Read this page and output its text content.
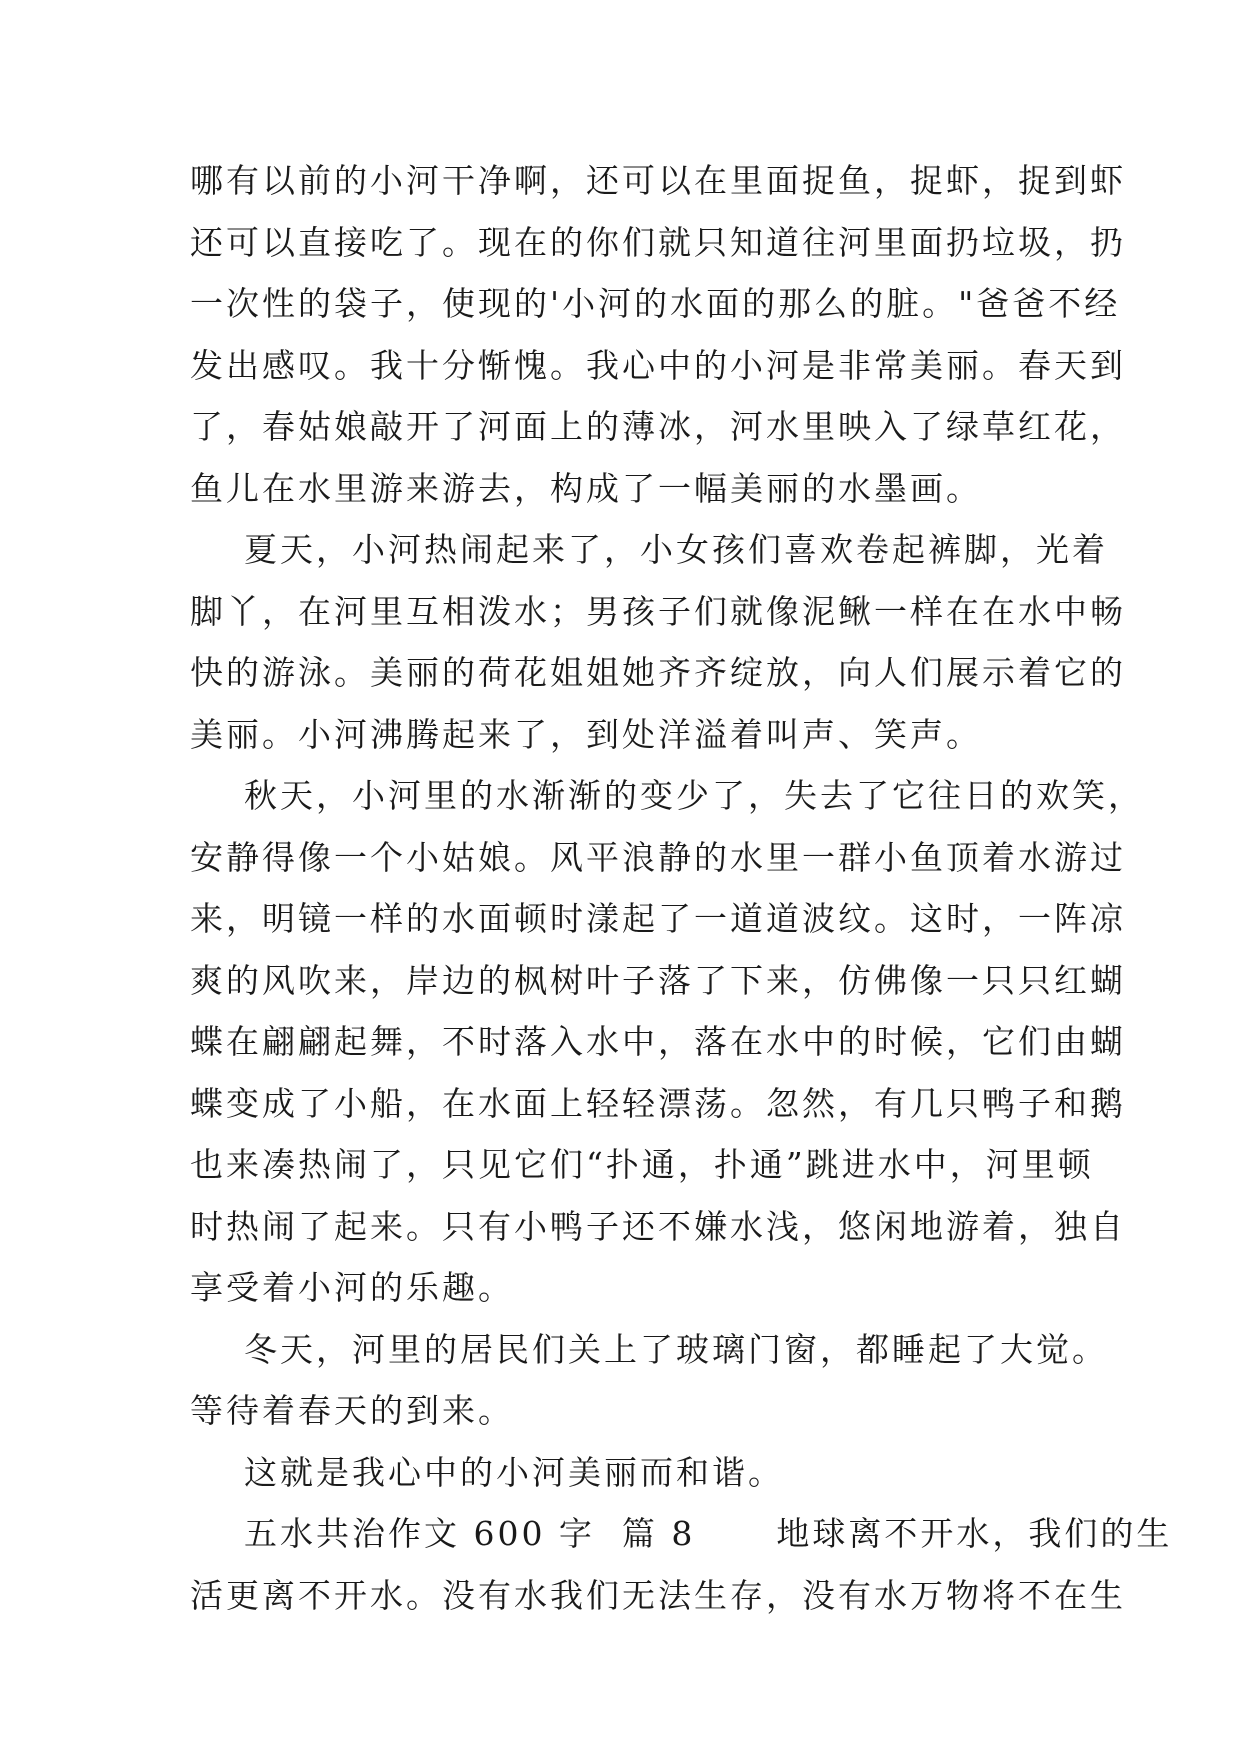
哪有以前的小河干净啊，还可以在里面捉鱼，捉虾，捉到虾
还可以直接吃了。现在的你们就只知道往河里面扔垃圾，扔
一次性的袋子，使现的'小河的水面的那么的脏。"爸爸不经
发出感叹。我十分惭愧。我心中的小河是非常美丽。春天到
了，春姑娘敲开了河面上的薄冰，河水里映入了绿草红花，
鱼儿在水里游来游去，构成了一幅美丽的水墨画。
夏天，小河热闹起来了，小女孩们喜欢卷起裤脚，光着
脚丫，在河里互相泼水；男孩子们就像泥鳅一样在在水中畅
快的游泳。美丽的荷花姐姐她齐齐绽放，向人们展示着它的
美丽。小河沸腾起来了，到处洋溢着叫声、笑声。
秋天，小河里的水渐渐的变少了，失去了它往日的欢笑，
安静得像一个小姑娘。风平浪静的水里一群小鱼顶着水游过
来，明镜一样的水面顿时漾起了一道道波纹。这时，一阵凉
爽的风吹来，岸边的枫树叶子落了下来，仿佛像一只只红蝴
蝶在翩翩起舞，不时落入水中，落在水中的时候，它们由蝴
蝶变成了小船，在水面上轻轻漂荡。忽然，有几只鸭子和鹅
也来凑热闹了，只见它们“扑通，扑通”跳进水中，河里顿
时热闹了起来。只有小鸭子还不嫌水浅，悠闲地游着，独自
享受着小河的乐趣。
冬天，河里的居民们关上了玻璃门窗，都睡起了大觉。
等待着春天的到来。
这就是我心中的小河美丽而和谐。
五水共治作文 600 字  篇 8      地球离不开水，我们的生
活更离不开水。没有水我们无法生存，没有水万物将不在生
